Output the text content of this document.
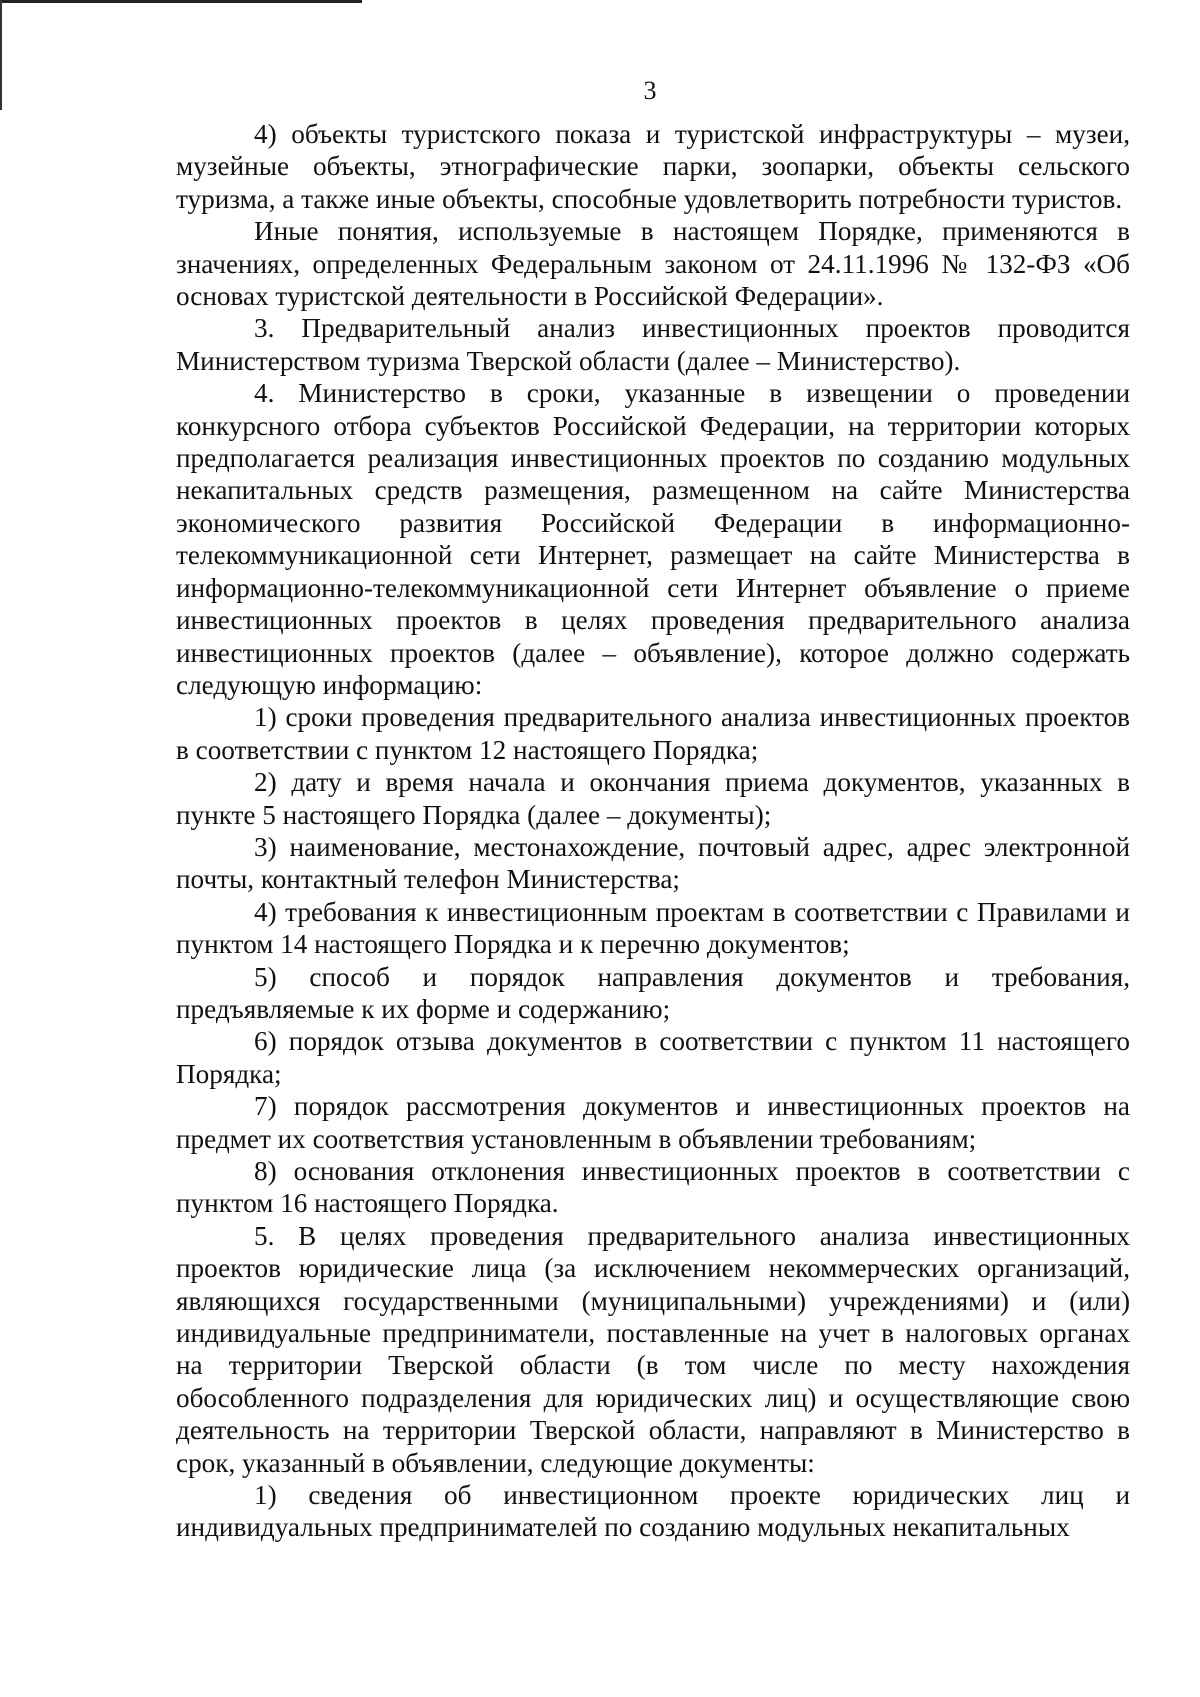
3

4) объекты туристского показа и туристской инфраструктуры – музеи, музейные объекты, этнографические парки, зоопарки, объекты сельского туризма, а также иные объекты, способные удовлетворить потребности туристов.

Иные понятия, используемые в настоящем Порядке, применяются в значениях, определенных Федеральным законом от 24.11.1996 № 132-ФЗ «Об основах туристской деятельности в Российской Федерации».

3. Предварительный анализ инвестиционных проектов проводится Министерством туризма Тверской области (далее – Министерство).

4. Министерство в сроки, указанные в извещении о проведении конкурсного отбора субъектов Российской Федерации, на территории которых предполагается реализация инвестиционных проектов по созданию модульных некапитальных средств размещения, размещенном на сайте Министерства экономического развития Российской Федерации в информационно-телекоммуникационной сети Интернет, размещает на сайте Министерства в информационно-телекоммуникационной сети Интернет объявление о приеме инвестиционных проектов в целях проведения предварительного анализа инвестиционных проектов (далее – объявление), которое должно содержать следующую информацию:

1) сроки проведения предварительного анализа инвестиционных проектов в соответствии с пунктом 12 настоящего Порядка;

2) дату и время начала и окончания приема документов, указанных в пункте 5 настоящего Порядка (далее – документы);

3) наименование, местонахождение, почтовый адрес, адрес электронной почты, контактный телефон Министерства;

4) требования к инвестиционным проектам в соответствии с Правилами и пунктом 14 настоящего Порядка и к перечню документов;

5) способ и порядок направления документов и требования, предъявляемые к их форме и содержанию;

6) порядок отзыва документов в соответствии с пунктом 11 настоящего Порядка;

7) порядок рассмотрения документов и инвестиционных проектов на предмет их соответствия установленным в объявлении требованиям;

8) основания отклонения инвестиционных проектов в соответствии с пунктом 16 настоящего Порядка.

5. В целях проведения предварительного анализа инвестиционных проектов юридические лица (за исключением некоммерческих организаций, являющихся государственными (муниципальными) учреждениями) и (или) индивидуальные предприниматели, поставленные на учет в налоговых органах на территории Тверской области (в том числе по месту нахождения обособленного подразделения для юридических лиц) и осуществляющие свою деятельность на территории Тверской области, направляют в Министерство в срок, указанный в объявлении, следующие документы:

1) сведения об инвестиционном проекте юридических лиц и индивидуальных предпринимателей по созданию модульных некапитальных
